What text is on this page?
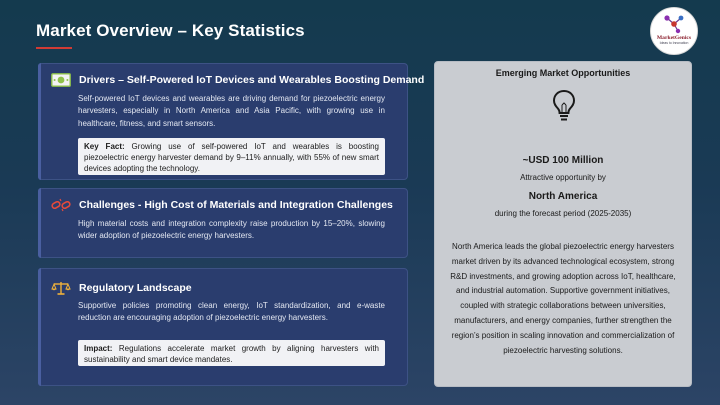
Market Overview – Key Statistics	MarketGenics
Ideas to Innovation
Drivers – Self-Powered IoT Devices and Wearables Boosting Demand

Self-powered IoT devices and wearables are driving demand for piezoelectric energy harvesters, especially in North America and Asia Pacific, with growing use in healthcare, fitness, and smart sensors.

Key Fact: Growing use of self-powered IoT and wearables is boosting piezoelectric energy harvester demand by 9–11% annually, with 55% of new smart devices adopting the technology.
Challenges - High Cost of Materials and Integration Challenges

High material costs and integration complexity raise production by 15–20%, slowing wider adoption of piezoelectric energy harvesters.

Regulatory Landscape

Supportive policies promoting clean energy, IoT standardization, and e-waste reduction are encouraging adoption of piezoelectric energy harvesters.

Impact: Regulations accelerate market growth by aligning harvesters with sustainability and smart device mandates.
Emerging Market Opportunities
~USD 100 Million
Attractive opportunity by
North America
during the forecast period (2025-2035)

North America leads the global piezoelectric energy harvesters market driven by its advanced technological ecosystem, strong R&D investments, and growing adoption across IoT, healthcare, and industrial automation. Supportive government initiatives, coupled with strategic collaborations between universities, manufacturers, and energy companies, further strengthen the region’s position in scaling innovation and commercialization of piezoelectric harvesting solutions.
